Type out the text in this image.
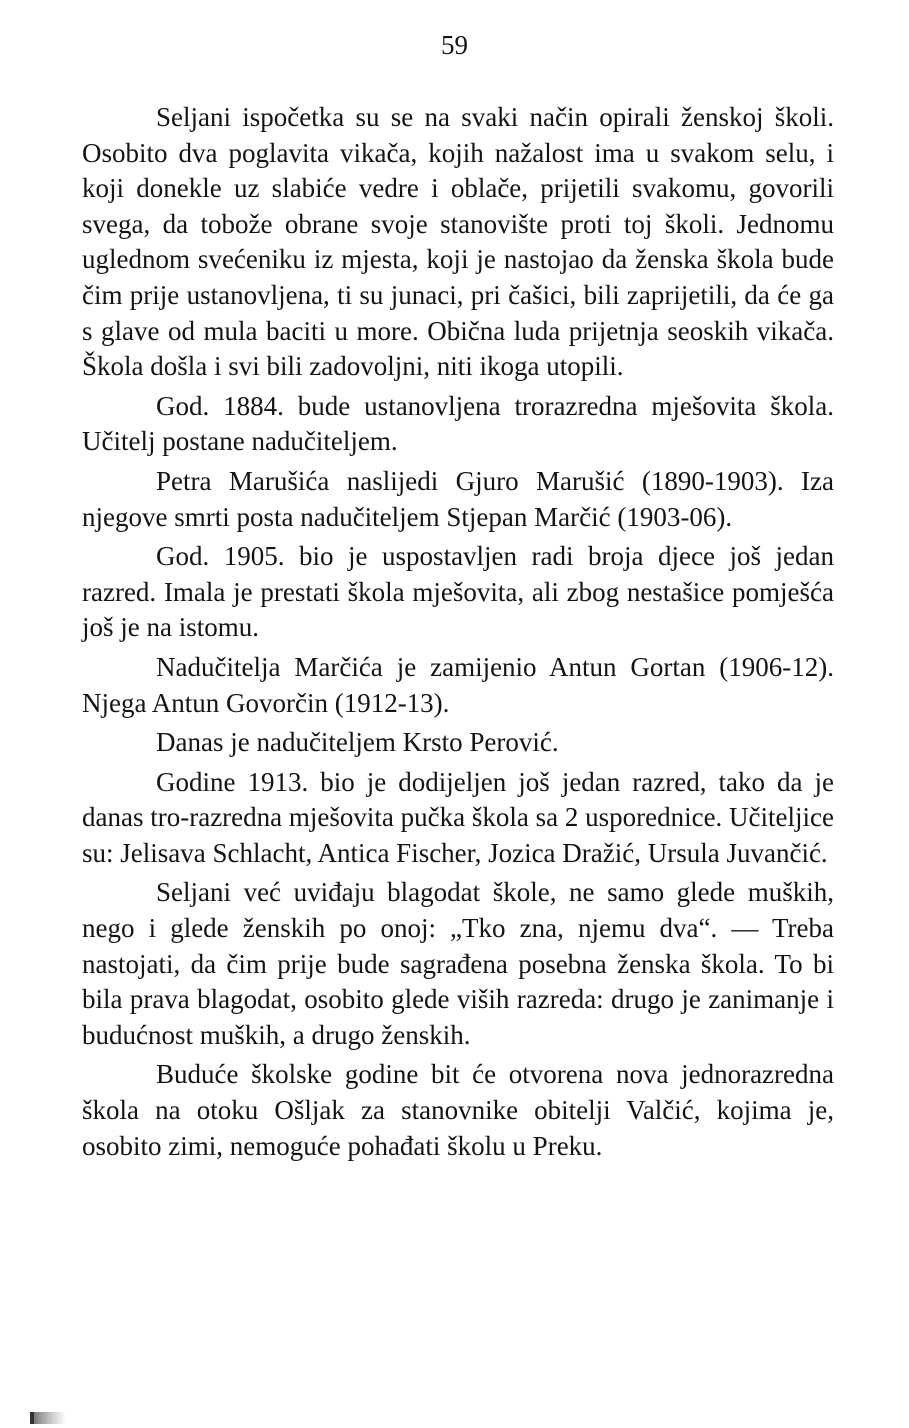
59

Seljani ispočetka su se na svaki način opirali ženskoj školi. Osobito dva poglavita vikača, kojih nažalost ima u svakom selu, i koji donekle uz slabiće vedre i oblače, prijetili svakomu, govorili svega, da tobože obrane svoje stanovište proti toj školi. Jednomu uglednom svećeniku iz mjesta, koji je nastojao da ženska škola bude čim prije ustanovljena, ti su junaci, pri čašici, bili zaprijetili, da će ga s glave od mula baciti u more. Obična luda prijetnja seoskih vikača. Škola došla i svi bili zadovoljni, niti ikoga utopili.

God. 1884. bude ustanovljena trorazredna mješovita škola. Učitelj postane nadučiteljem.

Petra Marušića naslijedi Gjuro Marušić (1890-1903). Iza njegove smrti posta nadučiteljem Stjepan Marčić (1903-06).

God. 1905. bio je uspostavljen radi broja djece još jedan razred. Imala je prestati škola mješovita, ali zbog nestašice pomješća još je na istomu.

Nadučitelja Marčića je zamijenio Antun Gortan (1906-12). Njega Antun Govorčin (1912-13).

Danas je nadučiteljem Krsto Perović.

Godine 1913. bio je dodijeljen još jedan razred, tako da je danas tro-razredna mješovita pučka škola sa 2 usporednice. Učiteljice su: Jelisava Schlacht, Antica Fischer, Jozica Dražić, Ursula Juvančić.

Seljani već uviđaju blagodat škole, ne samo glede muških, nego i glede ženskih po onoj: „Tko zna, njemu dva“. — Treba nastojati, da čim prije bude sagrađena posebna ženska škola. To bi bila prava blagodat, osobito glede viših razreda: drugo je zanimanje i budućnost muških, a drugo ženskih.

Buduće školske godine bit će otvorena nova jednorazredna škola na otoku Ošljak za stanovnike obitelji Valčić, kojima je, osobito zimi, nemoguće pohađati školu u Preku.
